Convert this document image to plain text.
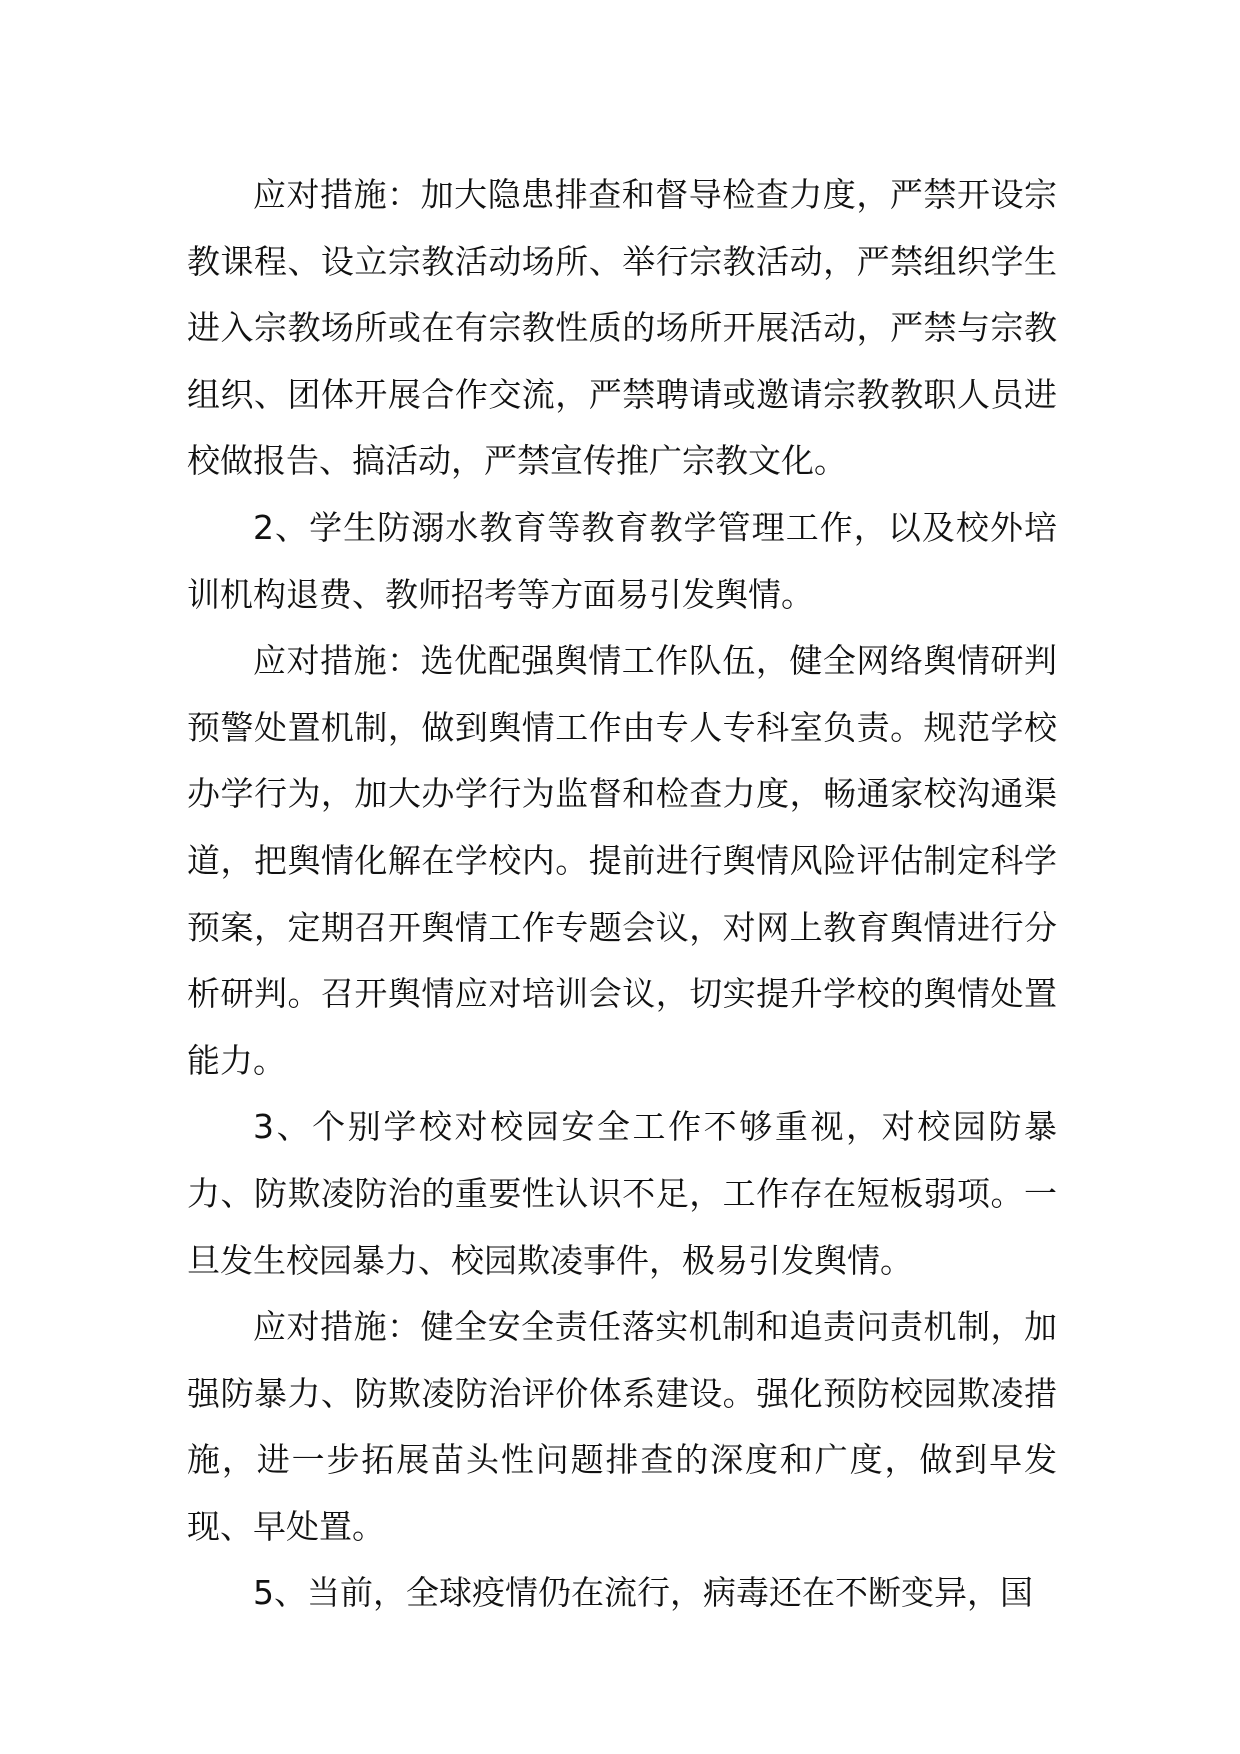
应对措施：加大隐患排查和督导检查力度，严禁开设宗教课程、设立宗教活动场所、举行宗教活动，严禁组织学生进入宗教场所或在有宗教性质的场所开展活动，严禁与宗教组织、团体开展合作交流，严禁聘请或邀请宗教教职人员进校做报告、搞活动，严禁宣传推广宗教文化。

2、学生防溺水教育等教育教学管理工作，以及校外培训机构退费、教师招考等方面易引发舆情。

应对措施：选优配强舆情工作队伍，健全网络舆情研判预警处置机制，做到舆情工作由专人专科室负责。规范学校办学行为，加大办学行为监督和检查力度，畅通家校沟通渠道，把舆情化解在学校内。提前进行舆情风险评估制定科学预案，定期召开舆情工作专题会议，对网上教育舆情进行分析研判。召开舆情应对培训会议，切实提升学校的舆情处置能力。

3、个别学校对校园安全工作不够重视，对校园防暴力、防欺凌防治的重要性认识不足，工作存在短板弱项。一旦发生校园暴力、校园欺凌事件，极易引发舆情。

应对措施：健全安全责任落实机制和追责问责机制，加强防暴力、防欺凌防治评价体系建设。强化预防校园欺凌措施，进一步拓展苗头性问题排查的深度和广度，做到早发现、早处置。

5、当前，全球疫情仍在流行，病毒还在不断变异，国
